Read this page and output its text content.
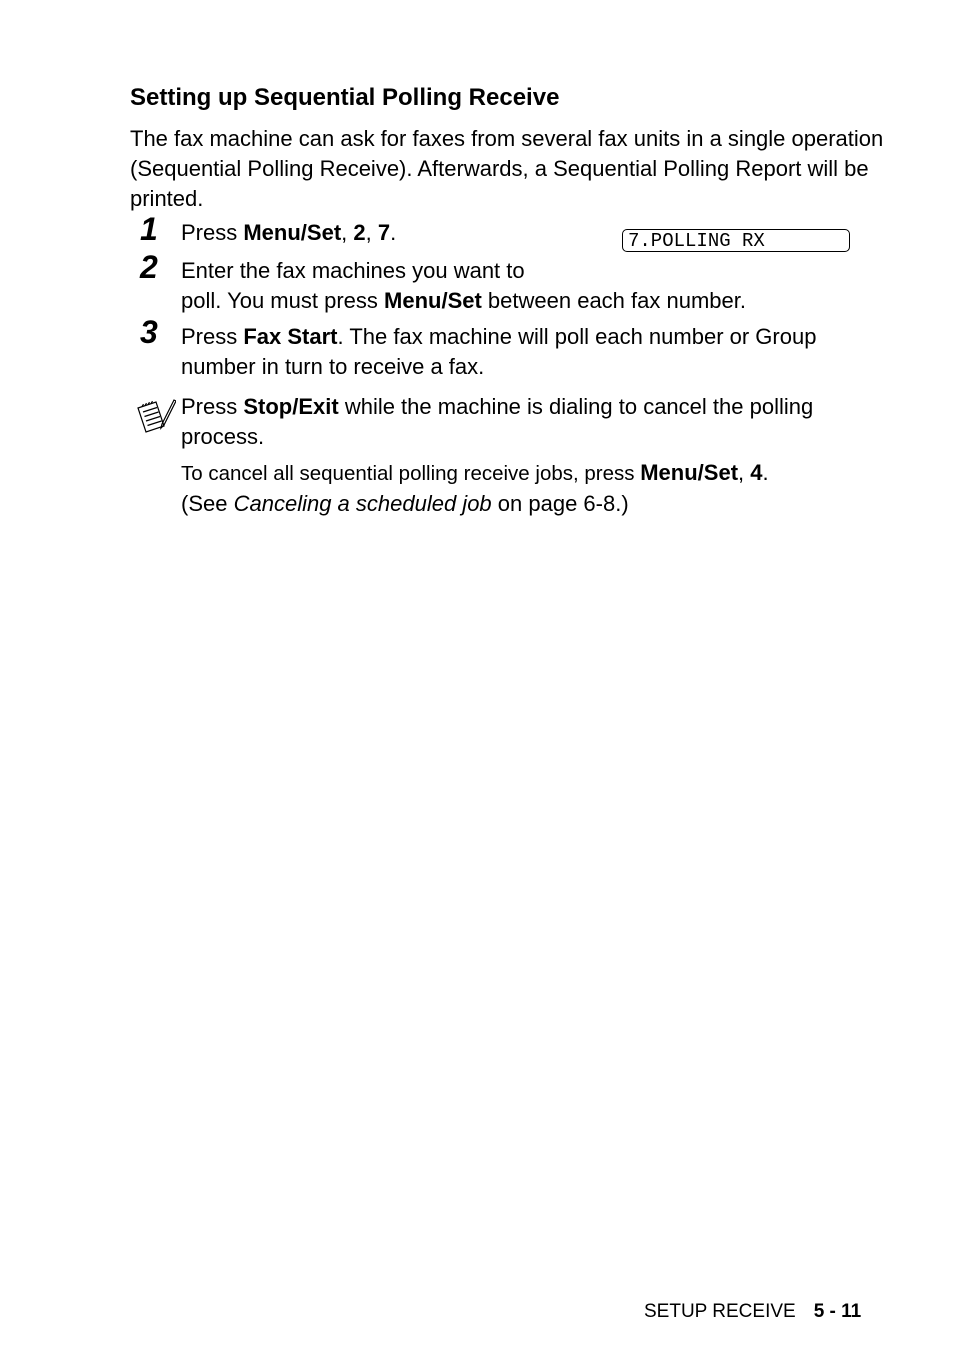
Setting up Sequential Polling Receive
The fax machine can ask for faxes from several fax units in a single operation (Sequential Polling Receive). Afterwards, a Sequential Polling Report will be printed.
1 Press Menu/Set, 2, 7.	7.POLLING RX
2 Enter the fax machines you want to
poll. You must press Menu/Set between each fax number.
3 Press Fax Start. The fax machine will poll each number or Group number in turn to receive a fax.
Press Stop/Exit while the machine is dialing to cancel the polling process.
To cancel all sequential polling receive jobs, press Menu/Set, 4.
(See Canceling a scheduled job on page 6-8.)
SETUP RECEIVE 5 - 11
